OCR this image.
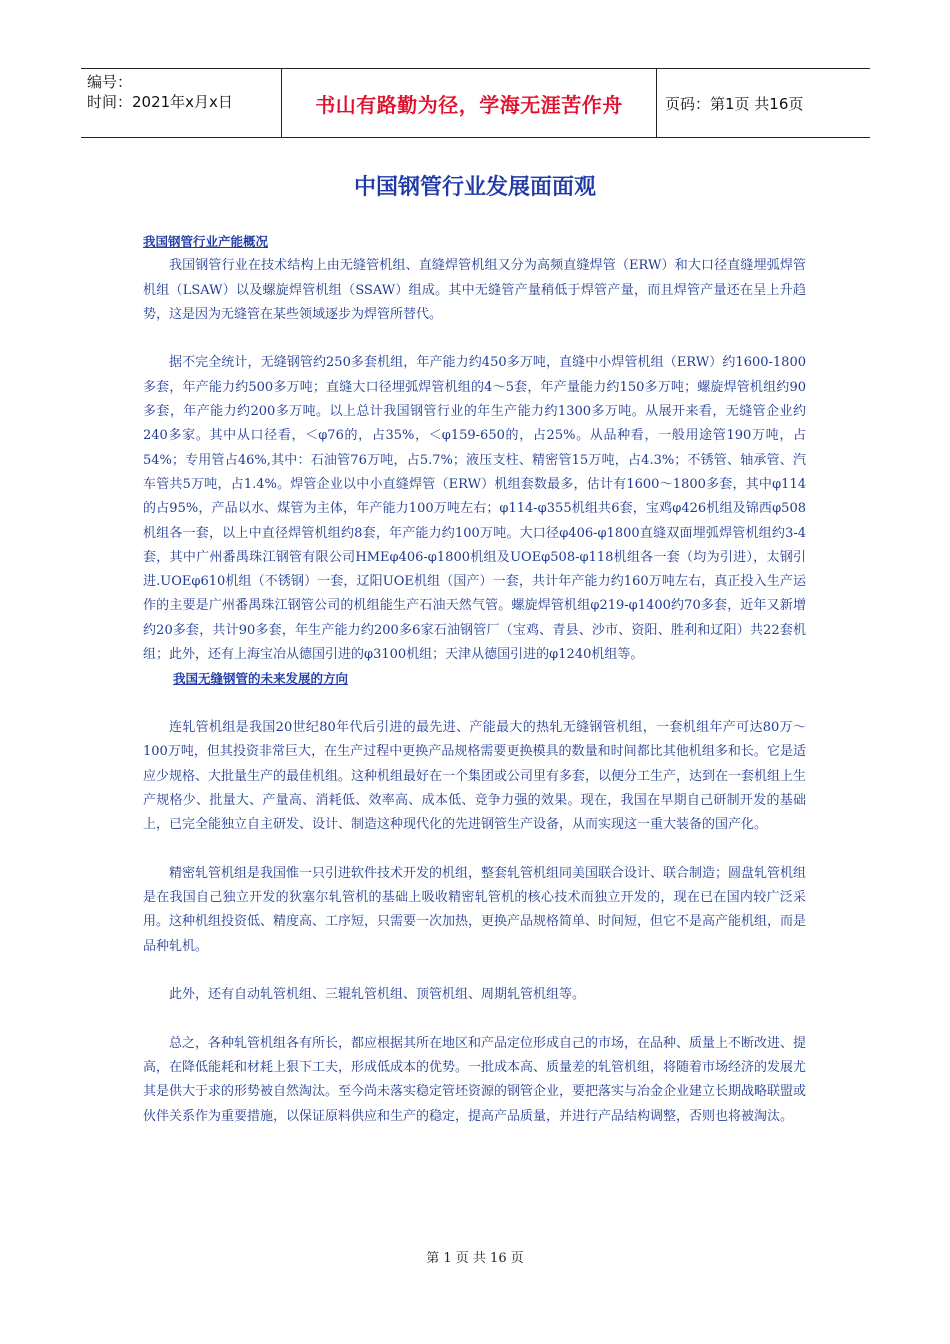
编号：
时间：2021年x月x日	书山有路勤为径，学海无涯苦作舟	页码：第1页 共16页
中国钢管行业发展面面观

我国钢管行业产能概况

我国钢管行业在技术结构上由无缝管机组、直缝焊管机组又分为高频直缝焊管（ERW）和大口径直缝埋弧焊管机组（LSAW）以及螺旋焊管机组（SSAW）组成。其中无缝管产量稍低于焊管产量，而且焊管产量还在呈上升趋势，这是因为无缝管在某些领域逐步为焊管所替代。

据不完全统计，无缝钢管约250多套机组，年产能力约450多万吨，直缝中小焊管机组（ERW）约1600-1800多套，年产能力约500多万吨；直缝大口径埋弧焊管机组的4～5套，年产量能力约150多万吨；螺旋焊管机组约90多套，年产能力约200多万吨。以上总计我国钢管行业的年生产能力约1300多万吨。从展开来看，无缝管企业约240多家。其中从口径看，＜φ76的，占35%，＜φ159-650的，占25%。从品种看，一般用途管190万吨，占54%；专用管占46%,其中：石油管76万吨，占5.7%；液压支柱、精密管15万吨，占4.3%；不锈管、轴承管、汽车管共5万吨，占1.4%。焊管企业以中小直缝焊管（ERW）机组套数最多，估计有1600～1800多套，其中φ114的占95%，产品以水、煤管为主体，年产能力100万吨左右；φ114-φ355机组共6套，宝鸡φ426机组及锦西φ508机组各一套，以上中直径焊管机组约8套，年产能力约100万吨。大口径φ406-φ1800直缝双面埋弧焊管机组约3-4套，其中广州番禺珠江钢管有限公司HMEφ406-φ1800机组及UOEφ508-φ118机组各一套（均为引进），太钢引进.UOEφ610机组（不锈钢）一套，辽阳UOE机组（国产）一套，共计年产能力约160万吨左右，真正投入生产运作的主要是广州番禺珠江钢管公司的机组能生产石油天然气管。螺旋焊管机组φ219-φ1400约70多套，近年又新增约20多套，共计90多套，年生产能力约200多6家石油钢管厂（宝鸡、青县、沙市、资阳、胜利和辽阳）共22套机组；此外，还有上海宝冶从德国引进的φ3100机组；天津从德国引进的φ1240机组等。

我国无缝钢管的未来发展的方向

连轧管机组是我国20世纪80年代后引进的最先进、产能最大的热轧无缝钢管机组，一套机组年产可达80万～100万吨，但其投资非常巨大，在生产过程中更换产品规格需要更换模具的数量和时间都比其他机组多和长。它是适应少规格、大批量生产的最佳机组。这种机组最好在一个集团或公司里有多套，以便分工生产，达到在一套机组上生产规格少、批量大、产量高、消耗低、效率高、成本低、竞争力强的效果。现在，我国在早期自己研制开发的基础上，已完全能独立自主研发、设计、制造这种现代化的先进钢管生产设备，从而实现这一重大装备的国产化。

精密轧管机组是我国惟一只引进软件技术开发的机组，整套轧管机组同美国联合设计、联合制造；圆盘轧管机组是在我国自己独立开发的狄塞尔轧管机的基础上吸收精密轧管机的核心技术而独立开发的，现在已在国内较广泛采用。这种机组投资低、精度高、工序短，只需要一次加热，更换产品规格简单、时间短，但它不是高产能机组，而是品种轧机。

此外，还有自动轧管机组、三辊轧管机组、顶管机组、周期轧管机组等。

总之，各种轧管机组各有所长，都应根据其所在地区和产品定位形成自己的市场，在品种、质量上不断改进、提高，在降低能耗和材耗上狠下工夫，形成低成本的优势。一批成本高、质量差的轧管机组，将随着市场经济的发展尤其是供大于求的形势被自然淘汰。至今尚未落实稳定管坯资源的钢管企业，要把落实与冶金企业建立长期战略联盟或伙伴关系作为重要措施，以保证原料供应和生产的稳定，提高产品质量，并进行产品结构调整，否则也将被淘汰。

第 1 页 共 16 页
